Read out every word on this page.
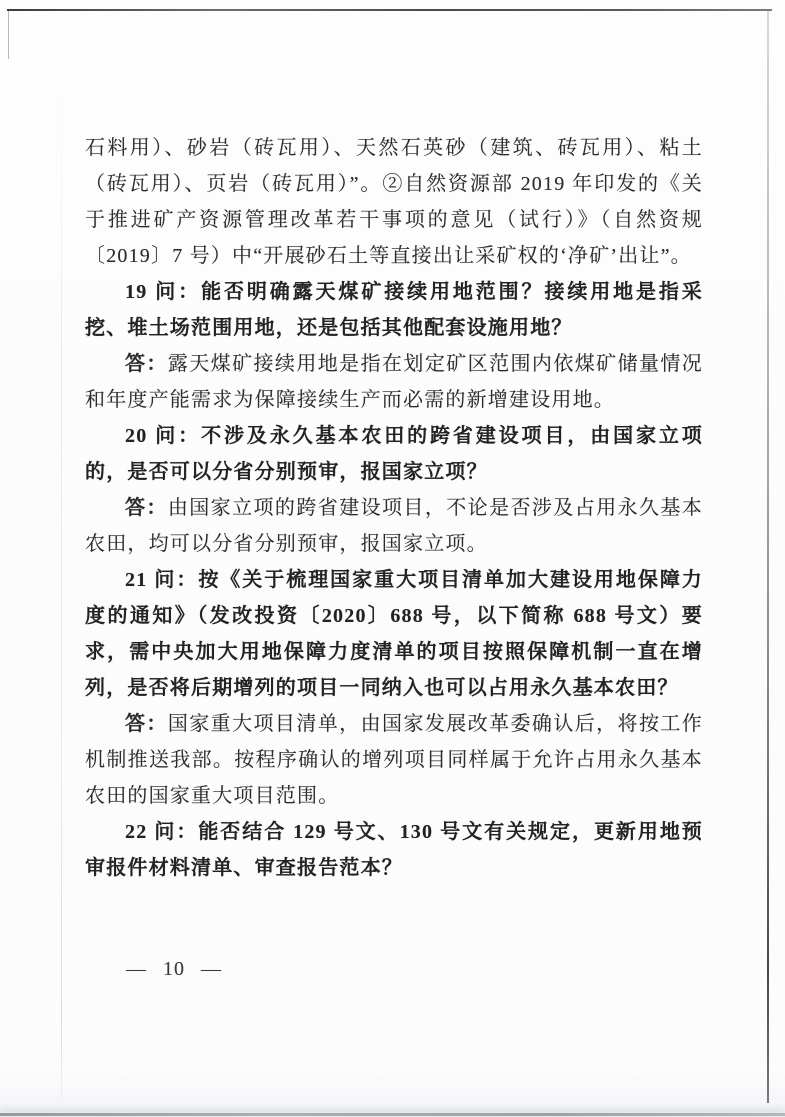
石料用）、砂岩（砖瓦用）、天然石英砂（建筑、砖瓦用）、粘土（砖瓦用）、页岩（砖瓦用）”。②自然资源部 2019 年印发的《关于推进矿产资源管理改革若干事项的意见（试行）》（自然资规〔2019〕7 号）中“开展砂石土等直接出让采矿权的‘净矿’出让”。

19 问：能否明确露天煤矿接续用地范围？接续用地是指采挖、堆土场范围用地，还是包括其他配套设施用地？

答：露天煤矿接续用地是指在划定矿区范围内依煤矿储量情况和年度产能需求为保障接续生产而必需的新增建设用地。

20 问：不涉及永久基本农田的跨省建设项目，由国家立项的，是否可以分省分别预审，报国家立项？

答：由国家立项的跨省建设项目，不论是否涉及占用永久基本农田，均可以分省分别预审，报国家立项。

21 问：按《关于梳理国家重大项目清单加大建设用地保障力度的通知》（发改投资〔2020〕688 号，以下简称 688 号文）要求，需中央加大用地保障力度清单的项目按照保障机制一直在增列，是否将后期增列的项目一同纳入也可以占用永久基本农田？

答：国家重大项目清单，由国家发展改革委确认后，将按工作机制推送我部。按程序确认的增列项目同样属于允许占用永久基本农田的国家重大项目范围。

22 问：能否结合 129 号文、130 号文有关规定，更新用地预审报件材料清单、审查报告范本？

— 10 —
